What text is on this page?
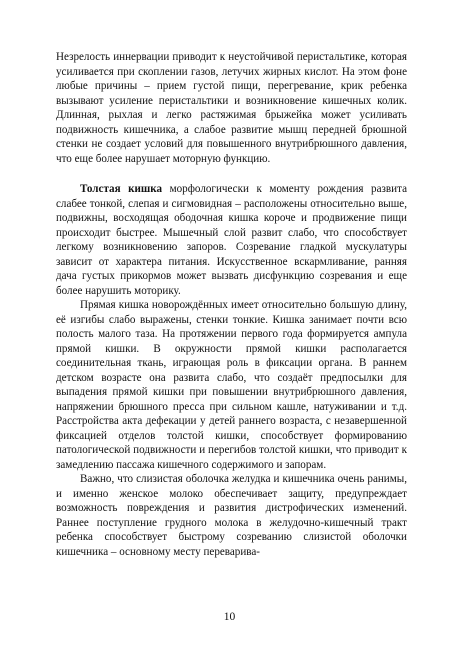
Незрелость иннервации приводит к неустойчивой перистальтике, которая усиливается при скоплении газов, летучих жирных кислот. На этом фоне любые причины – прием густой пищи, перегревание, крик ребенка вызывают усиление перистальтики и возникновение кишечных колик. Длинная, рыхлая и легко растяжимая брыжейка может усиливать подвижность кишечника, а слабое развитие мышц передней брюшной стенки не создает условий для повышенного внутрибрюшного давления, что еще более нарушает моторную функцию.

Толстая кишка морфологически к моменту рождения развита слабее тонкой, слепая и сигмовидная – расположены относительно выше, подвижны, восходящая ободочная кишка короче и продвижение пищи происходит быстрее. Мышечный слой развит слабо, что способствует легкому возникновению запоров. Созревание гладкой мускулатуры зависит от характера питания. Искусственное вскармливание, ранняя дача густых прикормов может вызвать дисфункцию созревания и еще более нарушить моторику.

Прямая кишка новорождённых имеет относительно большую длину, её изгибы слабо выражены, стенки тонкие. Кишка занимает почти всю полость малого таза. На протяжении первого года формируется ампула прямой кишки. В окружности прямой кишки располагается соединительная ткань, играющая роль в фиксации органа. В раннем детском возрасте она развита слабо, что создаёт предпосылки для выпадения прямой кишки при повышении внутрибрюшного давления, напряжении брюшного пресса при сильном кашле, натуживании и т.д. Расстройства акта дефекации у детей раннего возраста, с незавершенной фиксацией отделов толстой кишки, способствует формированию патологической подвижности и перегибов толстой кишки, что приводит к замедлению пассажа кишечного содержимого и запорам.

Важно, что слизистая оболочка желудка и кишечника очень ранимы, и именно женское молоко обеспечивает защиту, предупреждает возможность повреждения и развития дистрофических изменений. Раннее поступление грудного молока в желудочно-кишечный тракт ребенка способствует быстрому созреванию слизистой оболочки кишечника – основному месту переварива-

10
